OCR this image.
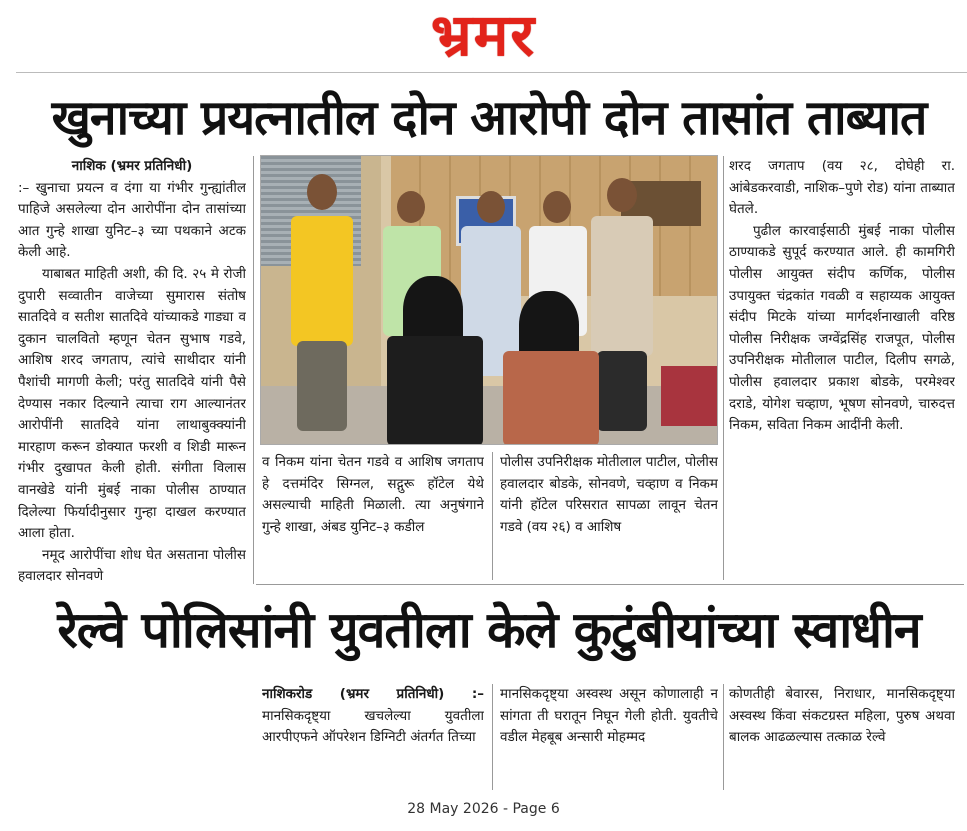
भ्रमर
खुनाच्या प्रयत्नातील दोन आरोपी दोन तासांत ताब्यात
नाशिक (भ्रमर प्रतिनिधी)

:– खुनाचा प्रयत्न व दंगा या गंभीर गुन्ह्यांतील पाहिजे असलेल्या दोन आरोपींना दोन तासांच्या आत गुन्हे शाखा युनिट–३ च्या पथकाने अटक केली आहे.

याबाबत माहिती अशी, की दि. २५ मे रोजी दुपारी सव्वातीन वाजेच्या सुमारास संतोष सातदिवे व सतीश सातदिवे यांच्याकडे गाड्या व दुकान चालवितो म्हणून चेतन सुभाष गडवे, आशिष शरद जगताप, त्यांचे साथीदार यांनी पैशांची मागणी केली; परंतु सातदिवे यांनी पैसे देण्यास नकार दिल्याने त्याचा राग आल्यानंतर आरोपींनी सातदिवे यांना लाथाबुक्क्यांनी मारहाण करून डोक्यात फरशी व शिडी मारून गंभीर दुखापत केली होती. संगीता विलास वानखेडे यांनी मुंबई नाका पोलीस ठाण्यात दिलेल्या फिर्यादीनुसार गुन्हा दाखल करण्यात आला होता.

नमूद आरोपींचा शोध घेत असताना पोलीस हवालदार सोनवणे

व निकम यांना चेतन गडवे व आशिष जगताप हे दत्तमंदिर सिग्नल, सद्गुरू हॉटेल येथे असल्याची माहिती मिळाली. त्या अनुषंगाने गुन्हे शाखा, अंबड युनिट–३ कडील
पोलीस उपनिरीक्षक मोतीलाल पाटील, पोलीस हवालदार बोडके, सोनवणे, चव्हाण व निकम यांनी हॉटेल परिसरात सापळा लावून चेतन गडवे (वय २६) व आशिष

शरद जगताप (वय २८, दोघेही रा. आंबेडकरवाडी, नाशिक–पुणे रोड) यांना ताब्यात घेतले.

पुढील कारवाईसाठी मुंबई नाका पोलीस ठाण्याकडे सुपूर्द करण्यात आले. ही कामगिरी पोलीस आयुक्त संदीप कर्णिक, पोलीस उपायुक्त चंद्रकांत गवळी व सहाय्यक आयुक्त संदीप मिटके यांच्या मार्गदर्शनाखाली वरिष्ठ पोलीस निरीक्षक जग्वेंद्रसिंह राजपूत, पोलीस उपनिरीक्षक मोतीलाल पाटील, दिलीप सगळे, पोलीस हवालदार प्रकाश बोडके, परमेश्वर दराडे, योगेश चव्हाण, भूषण सोनवणे, चारुदत्त निकम, सविता निकम आदींनी केली.

रेल्वे पोलिसांनी युवतीला केले कुटुंबीयांच्या स्वाधीन
नाशिकरोड (भ्रमर प्रतिनिधी) :– मानसिकदृष्ट्या खचलेल्या युवतीला आरपीएफने ऑपरेशन डिग्निटी अंतर्गत तिच्या
मानसिकदृष्ट्या अस्वस्थ असून कोणालाही न सांगता ती घरातून निघून गेली होती. युवतीचे वडील मेहबूब अन्सारी मोहम्मद
कोणतीही बेवारस, निराधार, मानसिकदृष्ट्या अस्वस्थ किंवा संकटग्रस्त महिला, पुरुष अथवा बालक आढळल्यास तत्काळ रेल्वे
28 May 2026 - Page 6
